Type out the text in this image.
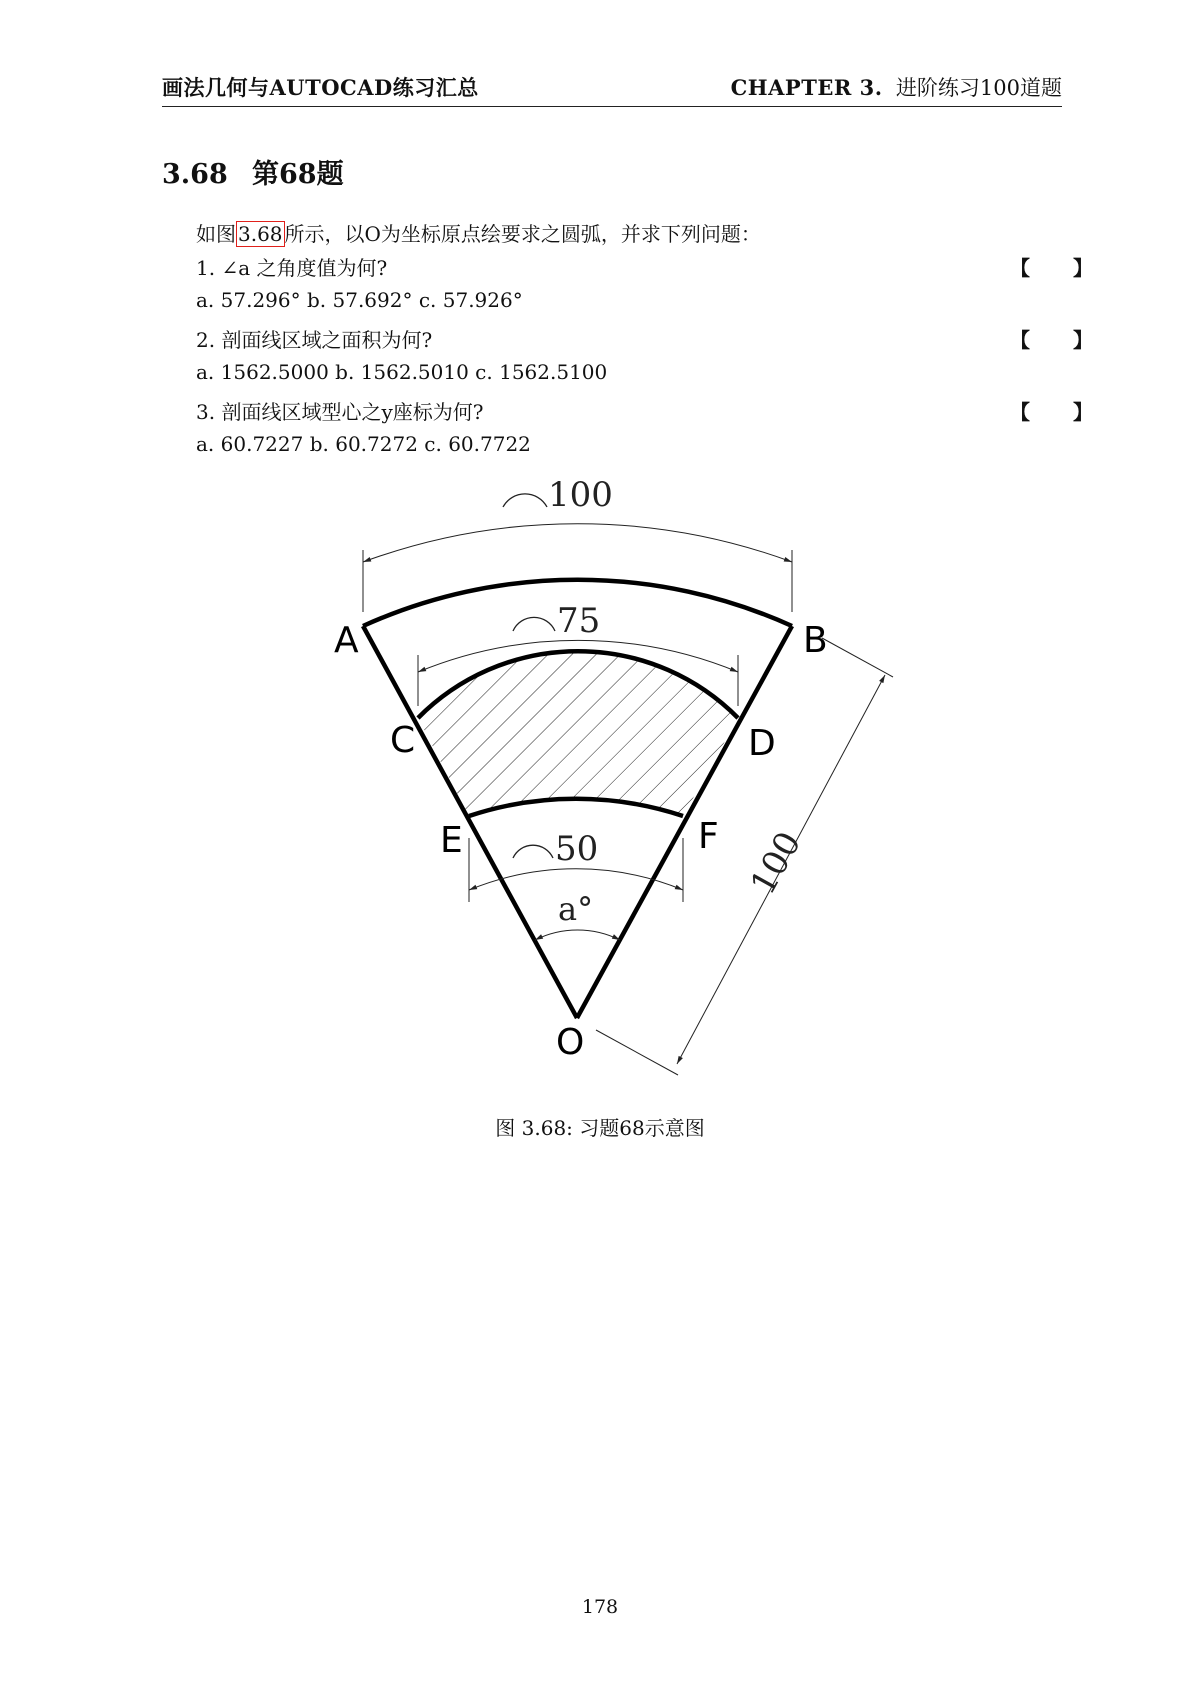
画法几何与AUTOCAD练习汇总	CHAPTER 3. 进阶练习100道题
3.68 第68题
如图 3.68 所示，以O为坐标原点绘要求之圆弧，并求下列问题：
1. ∠a 之角度值为何?	【 】
a. 57.296° b. 57.692° c. 57.926°
2. 剖面线区域之面积为何?	【 】
a. 1562.5000 b. 1562.5010 c. 1562.5100
3. 剖面线区域型心之y座标为何?	【 】
a. 60.7227 b. 60.7272 c. 60.7722
100
75
50
a°
100
A	B
C	D
E	F
O
图 3.68: 习题68示意图
178
